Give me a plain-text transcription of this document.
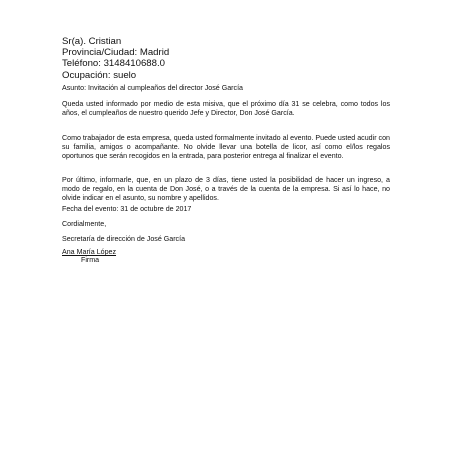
Sr(a). Cristian
Provincia/Ciudad: Madrid
Teléfono: 3148410688.0
Ocupación: suelo

Asunto: Invitación al cumpleaños del director José García

Queda usted informado por medio de esta misiva, que el próximo día 31 se celebra, como todos los años, el cumpleaños de nuestro querido Jefe y Director, Don José García.

Como trabajador de esta empresa, queda usted formalmente invitado al evento. Puede usted acudir con su familia, amigos o acompañante. No olvide llevar una botella de licor, así como el/los regalos oportunos que serán recogidos en la entrada, para posterior entrega al finalizar el evento.

Por último, informarle, que, en un plazo de 3 días, tiene usted la posibilidad de hacer un ingreso, a modo de regalo, en la cuenta de Don José, o a través de la cuenta de la empresa. Si así lo hace, no olvide indicar en el asunto, su nombre y apellidos.

Fecha del evento: 31 de octubre de 2017

Cordialmente,

Secretaría de dirección de José García

Ana María López
Firma
